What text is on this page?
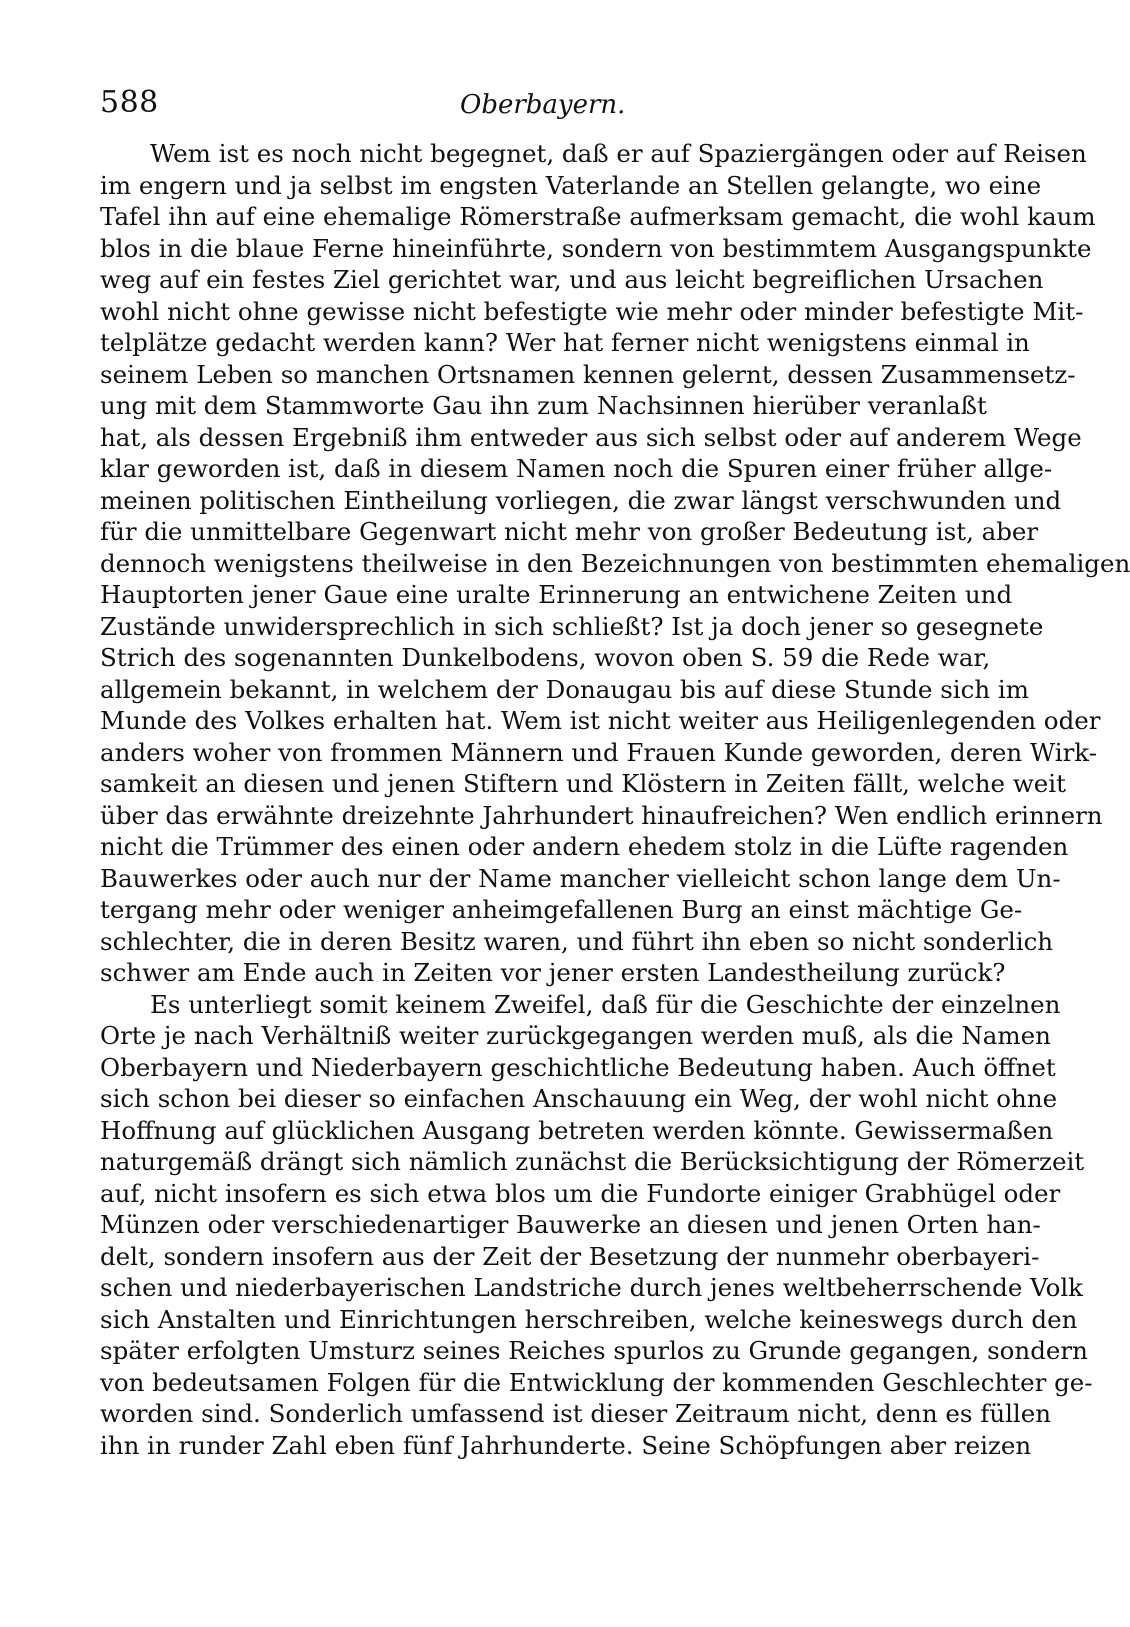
588	Oberbayern.
Wem ist es noch nicht begegnet, daß er auf Spaziergängen oder auf Reisen
im engern und ja selbst im engsten Vaterlande an Stellen gelangte, wo eine
Tafel ihn auf eine ehemalige Römerstraße aufmerksam gemacht, die wohl kaum
blos in die blaue Ferne hineinführte, sondern von bestimmtem Ausgangspunkte
weg auf ein festes Ziel gerichtet war, und aus leicht begreiflichen Ursachen
wohl nicht ohne gewisse nicht befestigte wie mehr oder minder befestigte Mit-
telplätze gedacht werden kann? Wer hat ferner nicht wenigstens einmal in
seinem Leben so manchen Ortsnamen kennen gelernt, dessen Zusammensetz-
ung mit dem Stammworte Gau ihn zum Nachsinnen hierüber veranlaßt
hat, als dessen Ergebniß ihm entweder aus sich selbst oder auf anderem Wege
klar geworden ist, daß in diesem Namen noch die Spuren einer früher allge-
meinen politischen Eintheilung vorliegen, die zwar längst verschwunden und
für die unmittelbare Gegenwart nicht mehr von großer Bedeutung ist, aber
dennoch wenigstens theilweise in den Bezeichnungen von bestimmten ehemaligen
Hauptorten jener Gaue eine uralte Erinnerung an entwichene Zeiten und
Zustände unwidersprechlich in sich schließt? Ist ja doch jener so gesegnete
Strich des sogenannten Dunkelbodens, wovon oben S. 59 die Rede war,
allgemein bekannt, in welchem der Donaugau bis auf diese Stunde sich im
Munde des Volkes erhalten hat. Wem ist nicht weiter aus Heiligenlegenden oder
anders woher von frommen Männern und Frauen Kunde geworden, deren Wirk-
samkeit an diesen und jenen Stiftern und Klöstern in Zeiten fällt, welche weit
über das erwähnte dreizehnte Jahrhundert hinaufreichen? Wen endlich erinnern
nicht die Trümmer des einen oder andern ehedem stolz in die Lüfte ragenden
Bauwerkes oder auch nur der Name mancher vielleicht schon lange dem Un-
tergang mehr oder weniger anheimgefallenen Burg an einst mächtige Ge-
schlechter, die in deren Besitz waren, und führt ihn eben so nicht sonderlich
schwer am Ende auch in Zeiten vor jener ersten Landestheilung zurück?
Es unterliegt somit keinem Zweifel, daß für die Geschichte der einzelnen
Orte je nach Verhältniß weiter zurückgegangen werden muß, als die Namen
Oberbayern und Niederbayern geschichtliche Bedeutung haben. Auch öffnet
sich schon bei dieser so einfachen Anschauung ein Weg, der wohl nicht ohne
Hoffnung auf glücklichen Ausgang betreten werden könnte. Gewissermaßen
naturgemäß drängt sich nämlich zunächst die Berücksichtigung der Römerzeit
auf, nicht insofern es sich etwa blos um die Fundorte einiger Grabhügel oder
Münzen oder verschiedenartiger Bauwerke an diesen und jenen Orten han-
delt, sondern insofern aus der Zeit der Besetzung der nunmehr oberbayeri-
schen und niederbayerischen Landstriche durch jenes weltbeherrschende Volk
sich Anstalten und Einrichtungen herschreiben, welche keineswegs durch den
später erfolgten Umsturz seines Reiches spurlos zu Grunde gegangen, sondern
von bedeutsamen Folgen für die Entwicklung der kommenden Geschlechter ge-
worden sind. Sonderlich umfassend ist dieser Zeitraum nicht, denn es füllen
ihn in runder Zahl eben fünf Jahrhunderte. Seine Schöpfungen aber reizen
